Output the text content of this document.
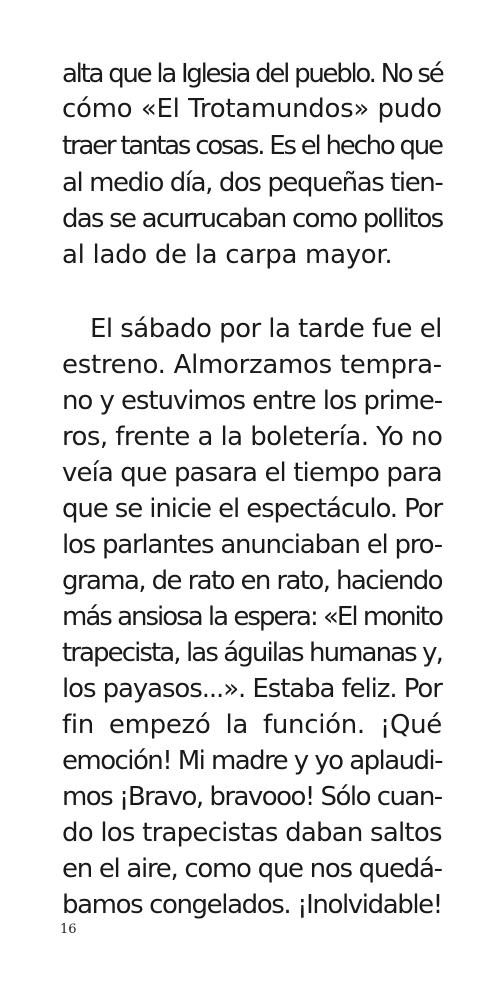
alta que la Iglesia del pueblo. No sé
cómo «El Trotamundos» pudo
traer tantas cosas. Es el hecho que
al medio día, dos pequeñas tien-
das se acurrucaban como pollitos
al lado de la carpa mayor.
El sábado por la tarde fue el
estreno. Almorzamos tempra-
no y estuvimos entre los prime-
ros, frente a la boletería. Yo no
veía que pasara el tiempo para
que se inicie el espectáculo. Por
los parlantes anunciaban el pro-
grama, de rato en rato, haciendo
más ansiosa la espera: «El monito
trapecista, las águilas humanas y,
los payasos...». Estaba feliz. Por
fin empezó la función. ¡Qué
emoción! Mi madre y yo aplaudi-
mos ¡Bravo, bravooo! Sólo cuan-
do los trapecistas daban saltos
en el aire, como que nos quedá-
bamos congelados. ¡Inolvidable!
16
